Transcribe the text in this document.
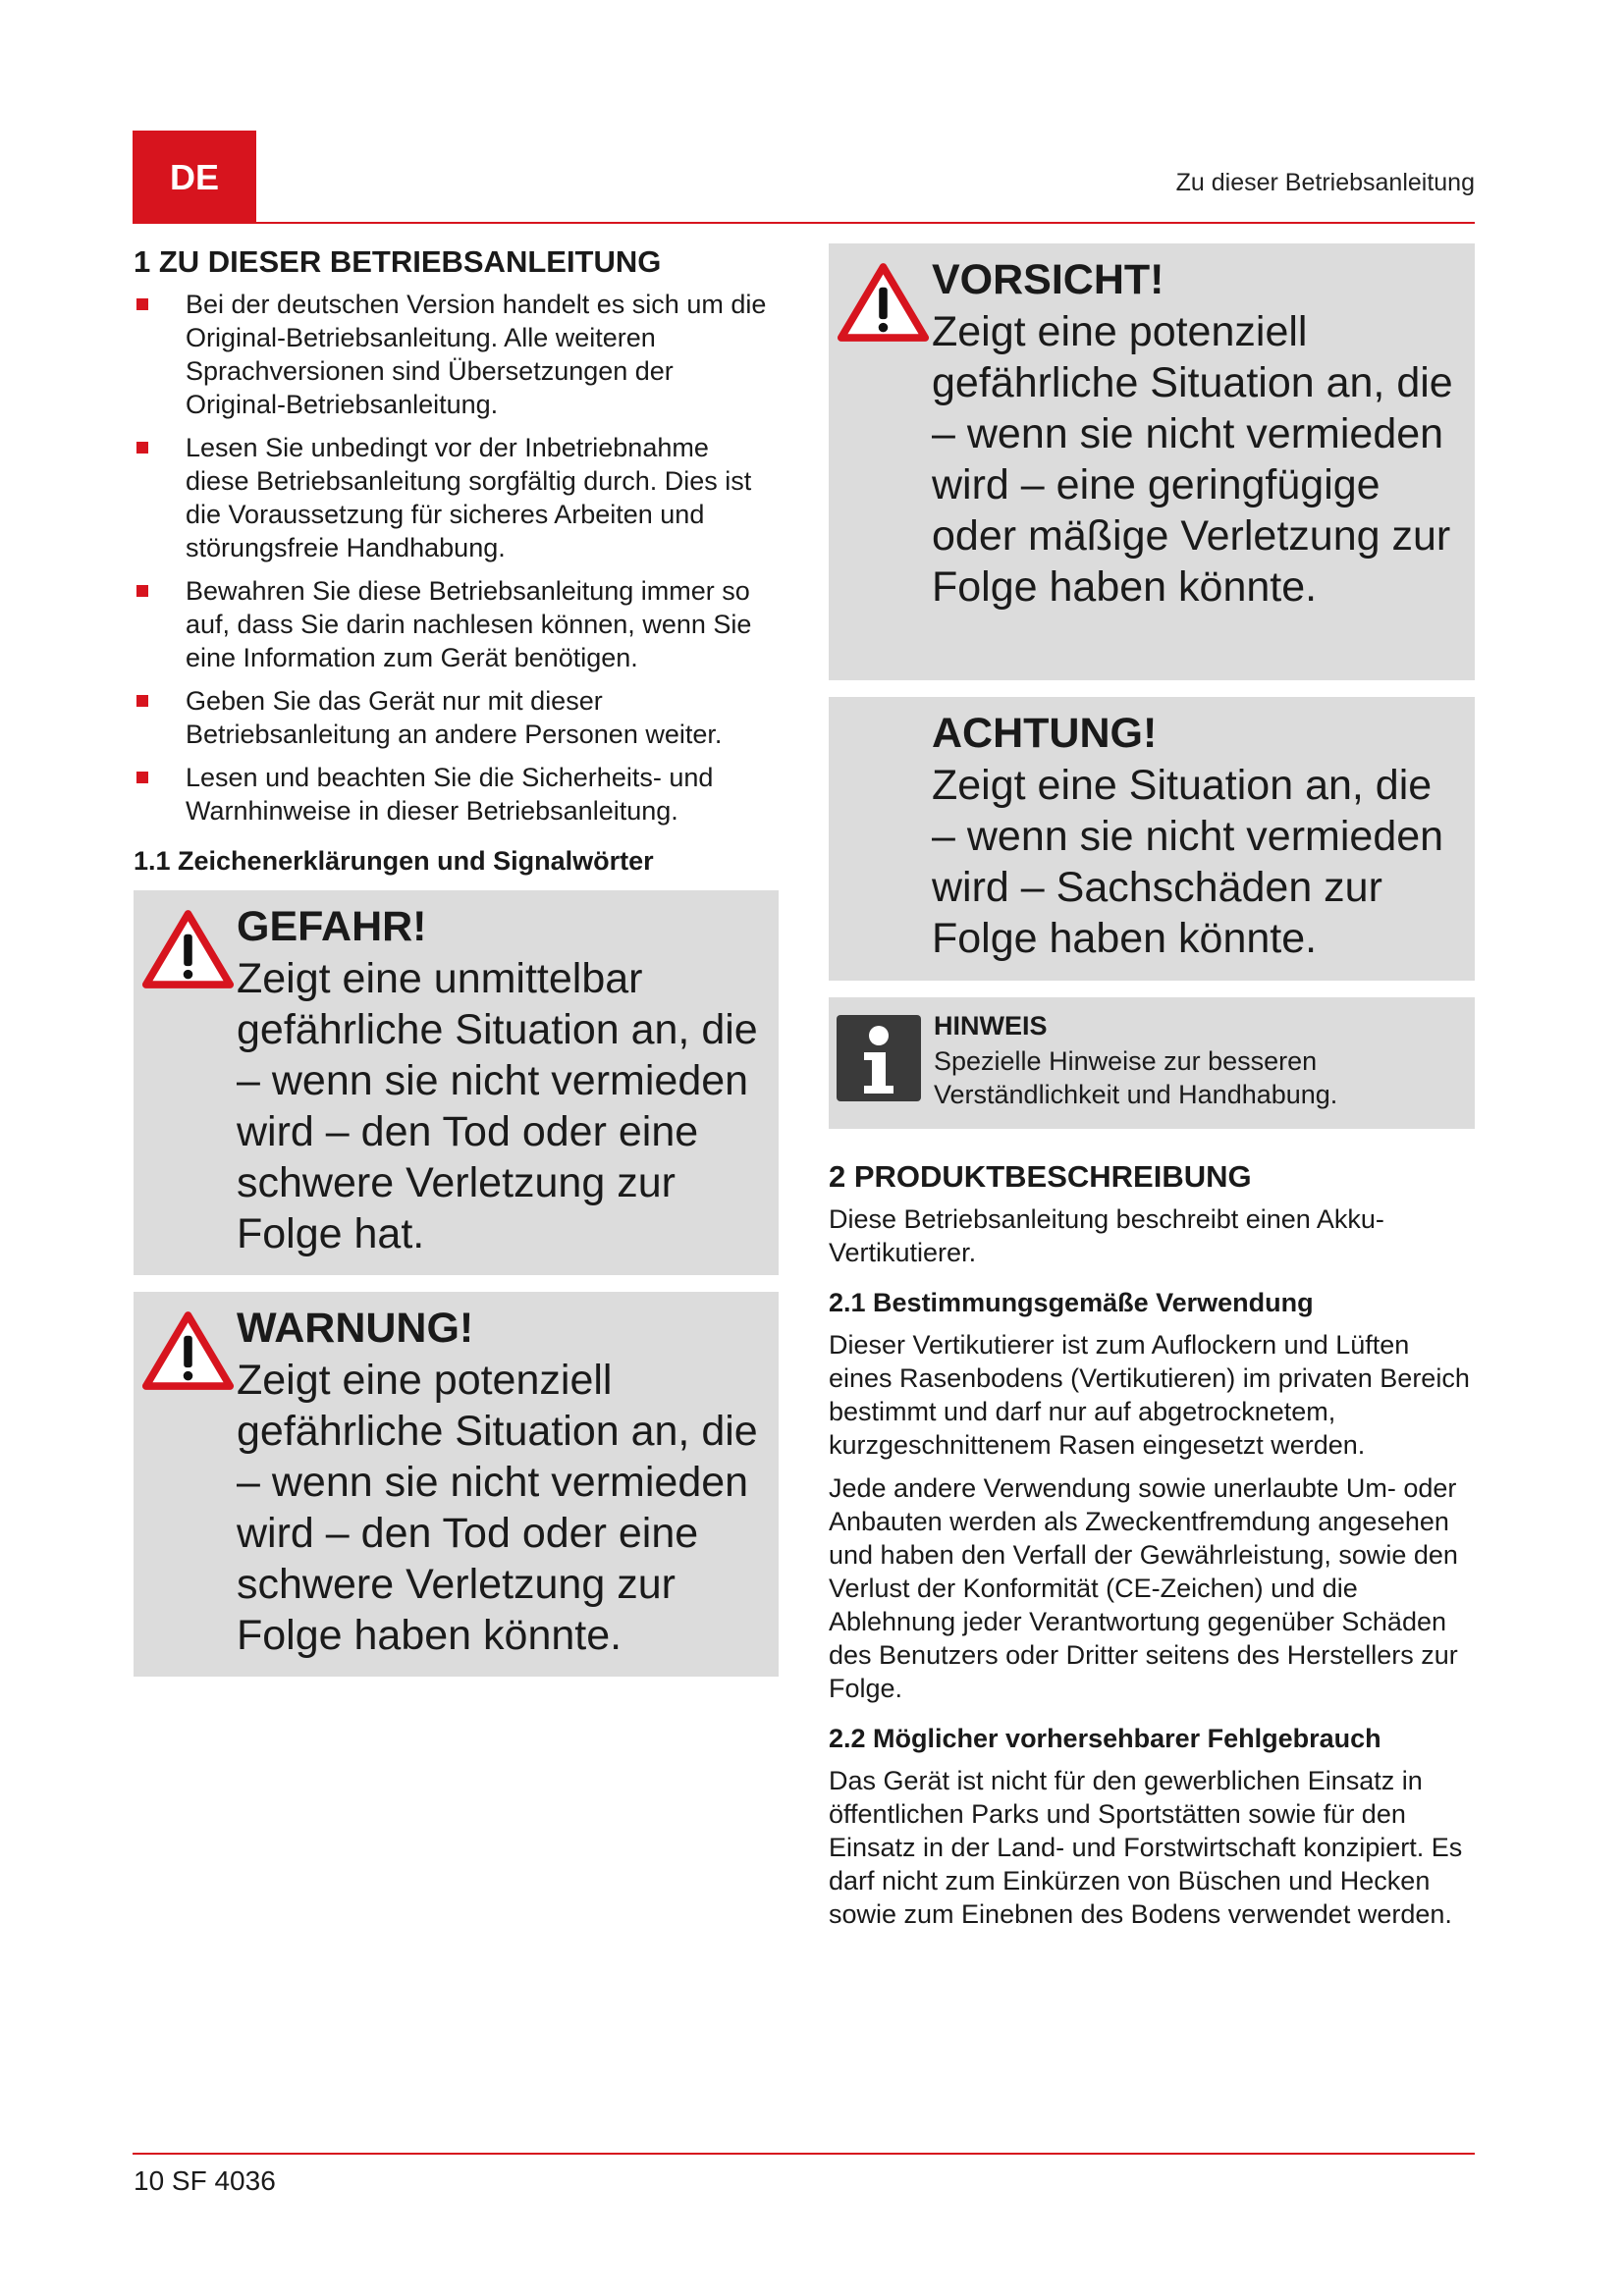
DE	Zu dieser Betriebsanleitung
1 ZU DIESER BETRIEBSANLEITUNG
Bei der deutschen Version handelt es sich um die Original-Betriebsanleitung. Alle weiteren Sprachversionen sind Übersetzungen der Original-Betriebsanleitung.
Lesen Sie unbedingt vor der Inbetriebnahme diese Betriebsanleitung sorgfältig durch. Dies ist die Voraussetzung für sicheres Arbeiten und störungsfreie Handhabung.
Bewahren Sie diese Betriebsanleitung immer so auf, dass Sie darin nachlesen können, wenn Sie eine Information zum Gerät benötigen.
Geben Sie das Gerät nur mit dieser Betriebsanleitung an andere Personen weiter.
Lesen und beachten Sie die Sicherheits- und Warnhinweise in dieser Betriebsanleitung.
1.1 Zeichenerklärungen und Signalwörter
GEFAHR!
Zeigt eine unmittelbar gefährliche Situation an, die – wenn sie nicht vermieden wird – den Tod oder eine schwere Verletzung zur Folge hat.
WARNUNG!
Zeigt eine potenziell gefährliche Situation an, die – wenn sie nicht vermieden wird – den Tod oder eine schwere Verletzung zur Folge haben könnte.
VORSICHT!
Zeigt eine potenziell gefährliche Situation an, die – wenn sie nicht vermieden wird – eine geringfügige oder mäßige Verletzung zur Folge haben könnte.
ACHTUNG!
Zeigt eine Situation an, die – wenn sie nicht vermieden wird – Sachschäden zur Folge haben könnte.
HINWEIS
Spezielle Hinweise zur besseren Verständlichkeit und Handhabung.
2 PRODUKTBESCHREIBUNG

Diese Betriebsanleitung beschreibt einen Akku-Vertikutierer.

2.1 Bestimmungsgemäße Verwendung

Dieser Vertikutierer ist zum Auflockern und Lüften eines Rasenbodens (Vertikutieren) im privaten Bereich bestimmt und darf nur auf abgetrocknetem, kurzgeschnittenem Rasen eingesetzt werden.

Jede andere Verwendung sowie unerlaubte Um- oder Anbauten werden als Zweckentfremdung angesehen und haben den Verfall der Gewährleistung, sowie den Verlust der Konformität (CE-Zeichen) und die Ablehnung jeder Verantwortung gegenüber Schäden des Benutzers oder Dritter seitens des Herstellers zur Folge.

2.2 Möglicher vorhersehbarer Fehlgebrauch

Das Gerät ist nicht für den gewerblichen Einsatz in öffentlichen Parks und Sportstätten sowie für den Einsatz in der Land- und Forstwirtschaft konzipiert. Es darf nicht zum Einkürzen von Büschen und Hecken sowie zum Einebnen des Bodens verwendet werden.

10 SF 4036
